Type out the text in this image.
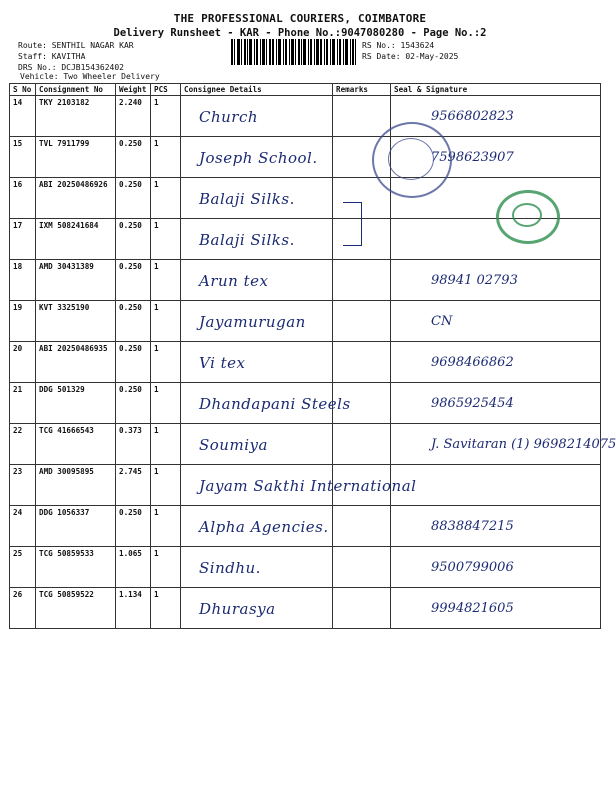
THE PROFESSIONAL COURIERS, COIMBATORE
Delivery Runsheet - KAR - Phone No.:9047080280 - Page No.:2
Route: SENTHIL NAGAR KAR
Staff: KAVITHA
DRS No.: DCJB154362402
RS No.: 1543624
RS Date: 02-May-2025
Vehicle: Two Wheeler Delivery
S No	Consignment No	Weight	PCS	Consignee Details	Remarks	Seal & Signature
14	TKY 2103182	2.240	1	Church		9566802823

15	TVL 7911799	0.250	1	Joseph School.		7598623907

16	ABI 20250486926	0.250	1	Balaji Silks.		

17	IXM 508241684	0.250	1	Balaji Silks.		

18	AMD 30431389	0.250	1	Arun tex		98941 02793

19	KVT 3325190	0.250	1	Jayamurugan		CN

20	ABI 20250486935	0.250	1	Vi tex		9698466862

21	DDG 501329	0.250	1	Dhandapani Steels		9865925454

22	TCG 41666543	0.373	1	Soumiya		J. Savitaran (1) 9698214075

23	AMD 30095895	2.745	1	Jayam Sakthi International		

24	DDG 1056337	0.250	1	Alpha Agencies.		8838847215

25	TCG 50859533	1.065	1	Sindhu.		9500799006

26	TCG 50859522	1.134	1	Dhurasya		9994821605
